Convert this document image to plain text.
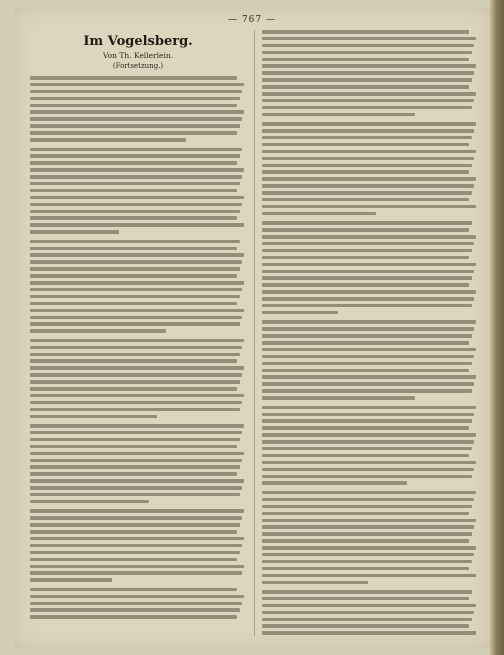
— 767 —
Im Vogelsberg.
Von Th. Kellerlein.
(Fortsetzung.)
